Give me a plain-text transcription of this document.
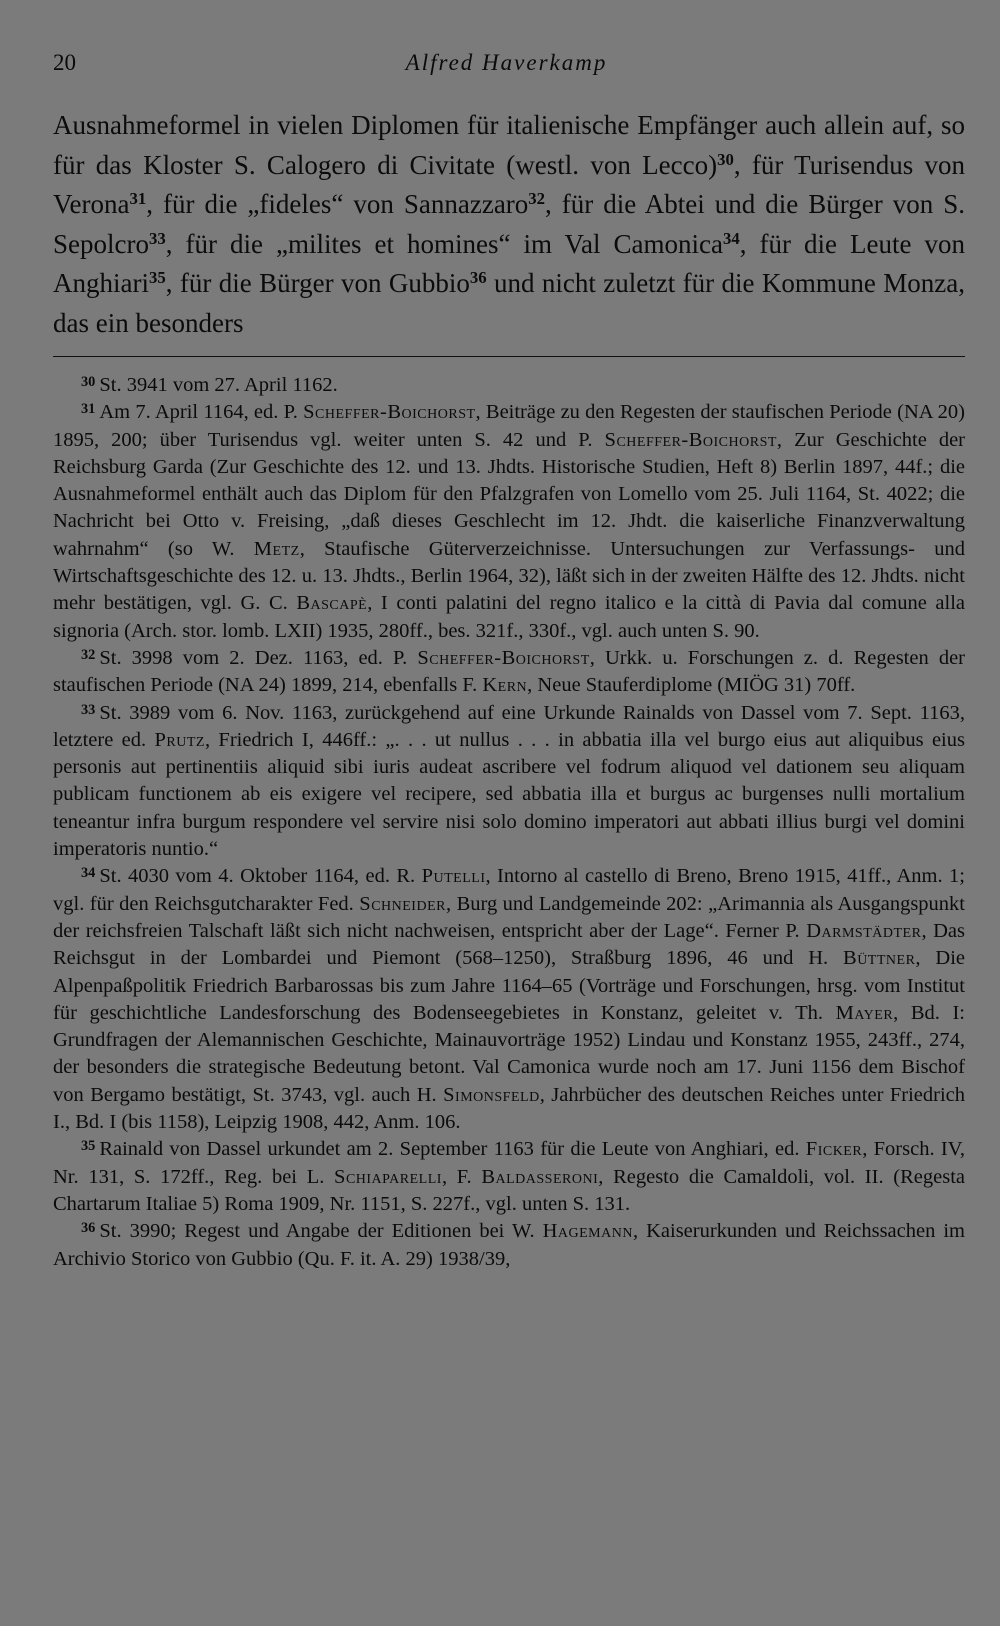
20	Alfred Haverkamp

Ausnahmeformel in vielen Diplomen für italienische Empfänger auch allein auf, so für das Kloster S. Calogero di Civitate (westl. von Lecco)$^{30}$, für Turisendus von Verona$^{31}$, für die „fideles“ von Sannazzaro$^{32}$, für die Abtei und die Bürger von S. Sepolcro$^{33}$, für die „milites et homines“ im Val Camonica$^{34}$, für die Leute von Anghiari$^{35}$, für die Bürger von Gubbio$^{36}$ und nicht zuletzt für die Kommune Monza, das ein besonders

$^{30}$ St. 3941 vom 27. April 1162.

$^{31}$ Am 7. April 1164, ed. P. Scheffer-Boichorst, Beiträge zu den Regesten der staufischen Periode (NA 20) 1895, 200; über Turisendus vgl. weiter unten S. 42 und P. Scheffer-Boichorst, Zur Geschichte der Reichsburg Garda (Zur Geschichte des 12. und 13. Jhdts. Historische Studien, Heft 8) Berlin 1897, 44f.; die Ausnahmeformel enthält auch das Diplom für den Pfalzgrafen von Lomello vom 25. Juli 1164, St. 4022; die Nachricht bei Otto v. Freising, „daß dieses Geschlecht im 12. Jhdt. die kaiserliche Finanzverwaltung wahrnahm“ (so W. Metz, Staufische Güterverzeichnisse. Untersuchungen zur Verfassungs- und Wirtschaftsgeschichte des 12. u. 13. Jhdts., Berlin 1964, 32), läßt sich in der zweiten Hälfte des 12. Jhdts. nicht mehr bestätigen, vgl. G. C. Bascapè, I conti palatini del regno italico e la città di Pavia dal comune alla signoria (Arch. stor. lomb. LXII) 1935, 280ff., bes. 321f., 330f., vgl. auch unten S. 90.

$^{32}$ St. 3998 vom 2. Dez. 1163, ed. P. Scheffer-Boichorst, Urkk. u. Forschungen z. d. Regesten der staufischen Periode (NA 24) 1899, 214, ebenfalls F. Kern, Neue Stauferdiplome (MIÖG 31) 70ff.

$^{33}$ St. 3989 vom 6. Nov. 1163, zurückgehend auf eine Urkunde Rainalds von Dassel vom 7. Sept. 1163, letztere ed. Prutz, Friedrich I, 446ff.: „. . . ut nullus . . . in abbatia illa vel burgo eius aut aliquibus eius personis aut pertinentiis aliquid sibi iuris audeat ascribere vel fodrum aliquod vel dationem seu aliquam publicam functionem ab eis exigere vel recipere, sed abbatia illa et burgus ac burgenses nulli mortalium teneantur infra burgum respondere vel servire nisi solo domino imperatori aut abbati illius burgi vel domini imperatoris nuntio.“

$^{34}$ St. 4030 vom 4. Oktober 1164, ed. R. Putelli, Intorno al castello di Breno, Breno 1915, 41ff., Anm. 1; vgl. für den Reichsgutcharakter Fed. Schneider, Burg und Landgemeinde 202: „Arimannia als Ausgangspunkt der reichsfreien Talschaft läßt sich nicht nachweisen, entspricht aber der Lage“. Ferner P. Darmstädter, Das Reichsgut in der Lombardei und Piemont (568–1250), Straßburg 1896, 46 und H. Büttner, Die Alpenpaßpolitik Friedrich Barbarossas bis zum Jahre 1164–65 (Vorträge und Forschungen, hrsg. vom Institut für geschichtliche Landesforschung des Bodenseegebietes in Konstanz, geleitet v. Th. Mayer, Bd. I: Grundfragen der Alemannischen Geschichte, Mainauvorträge 1952) Lindau und Konstanz 1955, 243ff., 274, der besonders die strategische Bedeutung betont. Val Camonica wurde noch am 17. Juni 1156 dem Bischof von Bergamo bestätigt, St. 3743, vgl. auch H. Simonsfeld, Jahrbücher des deutschen Reiches unter Friedrich I., Bd. I (bis 1158), Leipzig 1908, 442, Anm. 106.

$^{35}$ Rainald von Dassel urkundet am 2. September 1163 für die Leute von Anghiari, ed. Ficker, Forsch. IV, Nr. 131, S. 172ff., Reg. bei L. Schiaparelli, F. Baldasseroni, Regesto die Camaldoli, vol. II. (Regesta Chartarum Italiae 5) Roma 1909, Nr. 1151, S. 227f., vgl. unten S. 131.

$^{36}$ St. 3990; Regest und Angabe der Editionen bei W. Hagemann, Kaiserurkunden und Reichssachen im Archivio Storico von Gubbio (Qu. F. it. A. 29) 1938/39,
